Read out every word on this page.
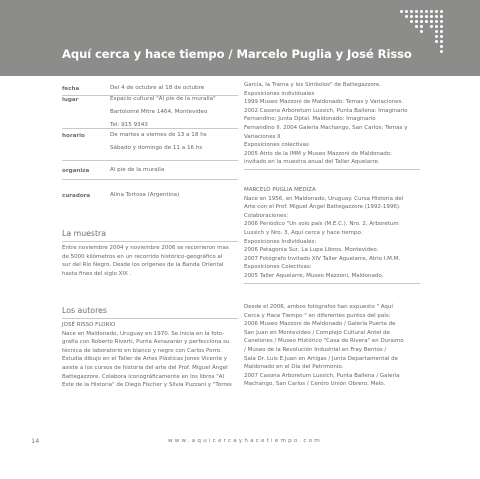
Aquí cerca y hace tiempo / Marcelo Puglia y José Risso
fecha	Del 4 de octubre al 18 de octubre
lugar	Espacio cultural "Al pie de la muralla"
Bartolomé Mitre 1464, Montevideo
Tel: 915 9343
horario	De martes a viernes de 13 a 18 hs
Sábado y domingo de 11 a 16 hs
organiza	Al pie de la muralla
curadora	Alina Tortosa (Argentina)
La muestra
Entre noviembre 2004 y noviembre 2006 se recorrieron mas
de 5000 kilómetros en un recorrido histórico-geográfico al
sur del Río Negro. Desde los orígenes de la Banda Oriental
hasta fines del siglo XIX .
Los autores
JOSÉ RISSO FLORIO
Nace en Maldonado, Uruguay en 1970. Se inicia en la foto-
grafía con Roberto Riverti, Punta Asnazarán y perfecciona su
técnica de laboratorio en blanco y negro con Carlos Porro.
Estudia dibujo en el Taller de Artes Plásticas Jones Vicente y
asiste a los cursos de historia del arte del Prof. Miguel Ángel
Battegazzore. Colabora iconográficamente en los libros "Al
Este de la Historia" de Diego Fischer y Silvia Puzzani y "Torres
García, la Trama y los Símbolos" de Battegazzore.
Exposiciones individuales
1999 Museo Mazzoni de Maldonado: Temas y Variaciones.
2002 Casona Arboretum Lussich, Punta Ballena: Imaginario
Fernandino; Junta Dptal. Maldonado: Imaginario
Fernandino II. 2004 Galería Machango, San Carlos: Temas y
Variaciones II
Exposiciones colectivas
2005 Atrio de la IMM y Museo Mazzoni de Maldonado:
invitado en la muestra anual del Taller Aquelarre.
MARCELO PUGLIA MEDIZA
Nace en 1956, en Maldonado, Uruguay. Cursa Historia del
Arte con el Prof. Miguel Ángel Battegazzore (1992-1996).
Colaboraciones:
2006 Periódico "Un solo país (M.E.C.). Nro. 2, Arboretum
Lussich y Nro. 3, Aquí cerca y hace tiempo.
Exposiciones Individuales:
2006 Patagonia Sur, La Lupa Libros, Montevideo.
2007 Fotógrafo Invitado XIV Taller Aquelarre, Atrio I.M.M.
Exposiciones Colectivas:
2005 Taller Aquelarre, Museo Mazzoni, Maldonado.
Desde el 2006, ambos fotógrafos han expuesto " Aquí
Cerca y Hace Tiempo " en diferentes puntos del país:
2006 Museo Mazzoni de Maldonado / Galería Puerta de
San Juan en Montevideo / Complejo Cultural Antel de
Canelones / Museo Histórico "Casa de Rivera" en Durazno
/ Museo de la Revolución Industrial en Fray Bentos /
Sala Dr. Luis E.Juan en Artigas / Junta Departamental de
Maldonado en el Día del Patrimonio.
2007 Casona Arboretum Lussich, Punta Ballena / Galería
Machango, San Carlos / Centro Unión Obrero, Melo.
14	www.aquicercayhacetiempo.com
